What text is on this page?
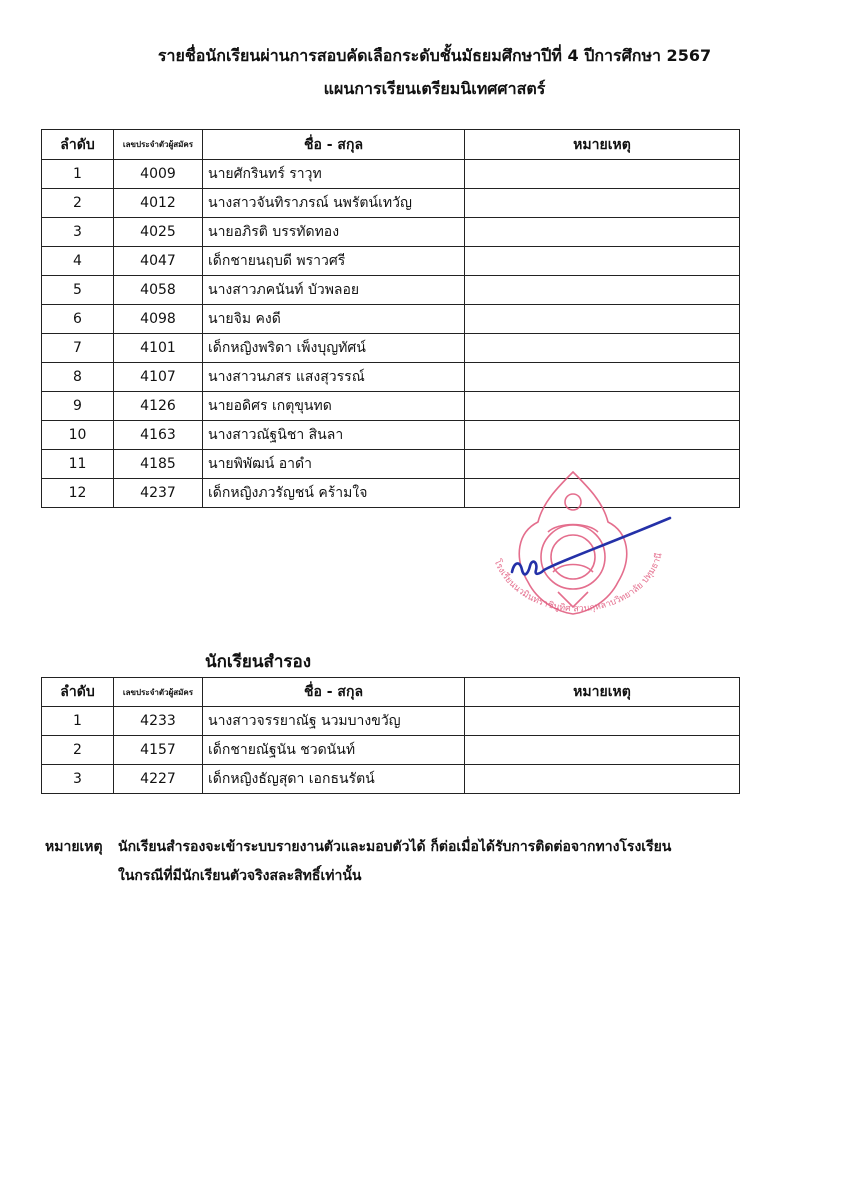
รายชื่อนักเรียนผ่านการสอบคัดเลือกระดับชั้นมัธยมศึกษาปีที่ 4 ปีการศึกษา 2567
แผนการเรียนเตรียมนิเทศศาสตร์
ลำดับ	เลขประจำตัวผู้สมัคร	ชื่อ - สกุล	หมายเหตุ
1	4009	นายศักรินทร์ ราวุท	
2	4012	นางสาวจันทิราภรณ์ นพรัตน์เทวัญ	
3	4025	นายอภิรติ บรรทัดทอง	
4	4047	เด็กชายนฤบดี พราวศรี	
5	4058	นางสาวภคนันท์ บัวพลอย	
6	4098	นายจิม คงดี	
7	4101	เด็กหญิงพริดา เพ็งบุญทัศน์	
8	4107	นางสาวนภสร แสงสุวรรณ์	
9	4126	นายอดิศร เกตุขุนทด	
10	4163	นางสาวณัฐนิชา สินลา	
11	4185	นายพิพัฒน์ อาดำ	
12	4237	เด็กหญิงภวรัญชน์ คร้ามใจ	
โรงเรียนนวมินทราชินูทิศ สวนกุหลาบวิทยาลัย ปทุมธานี
นักเรียนสำรอง
ลำดับ	เลขประจำตัวผู้สมัคร	ชื่อ - สกุล	หมายเหตุ
1	4233	นางสาวจรรยาณัฐ นวมบางขวัญ	
2	4157	เด็กชายณัฐนัน ชวดนันท์	
3	4227	เด็กหญิงธัญสุดา เอกธนรัตน์	
หมายเหตุ นักเรียนสำรองจะเข้าระบบรายงานตัวและมอบตัวได้ ก็ต่อเมื่อได้รับการติดต่อจากทางโรงเรียน
ในกรณีที่มีนักเรียนตัวจริงสละสิทธิ์เท่านั้น
